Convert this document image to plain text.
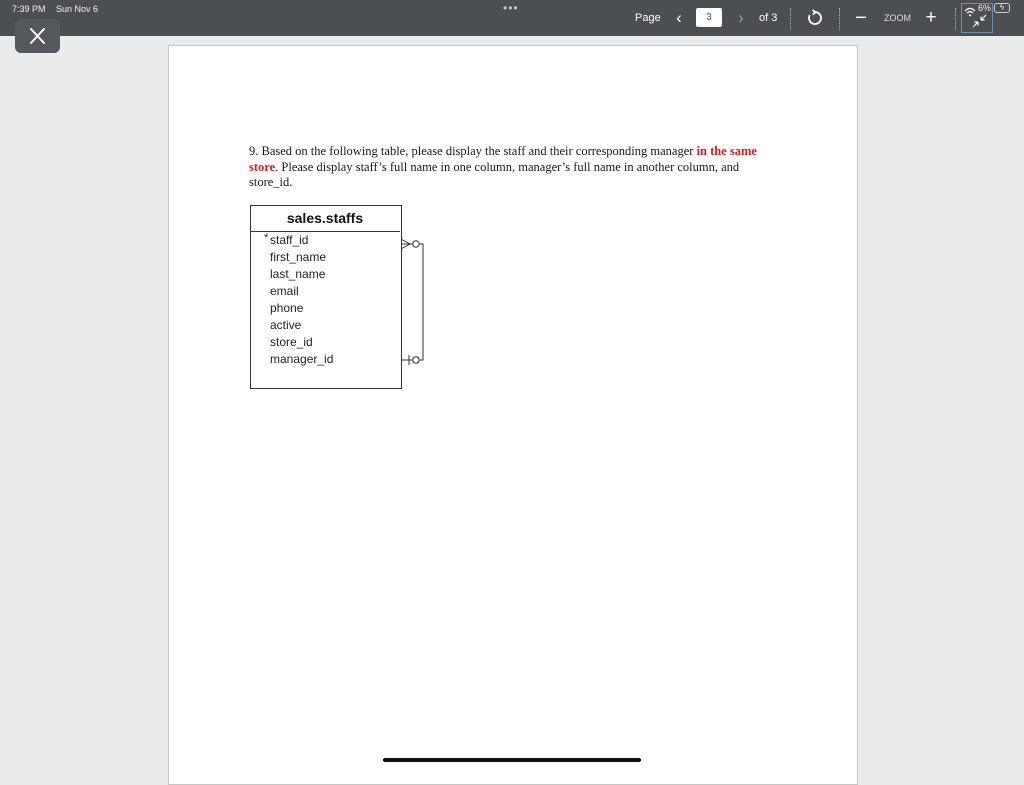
7:39 PM Sun Nov 6	•••
Page ‹
3	›	of 3	−	ZOOM +	6%	ϟ
9. Based on the following table, please display the staff and their corresponding manager in the same store. Please display staff’s full name in one column, manager’s full name in another column, and store_id.
sales.staffs
* staff_id
first_name
last_name
email
phone
active
store_id
manager_id
